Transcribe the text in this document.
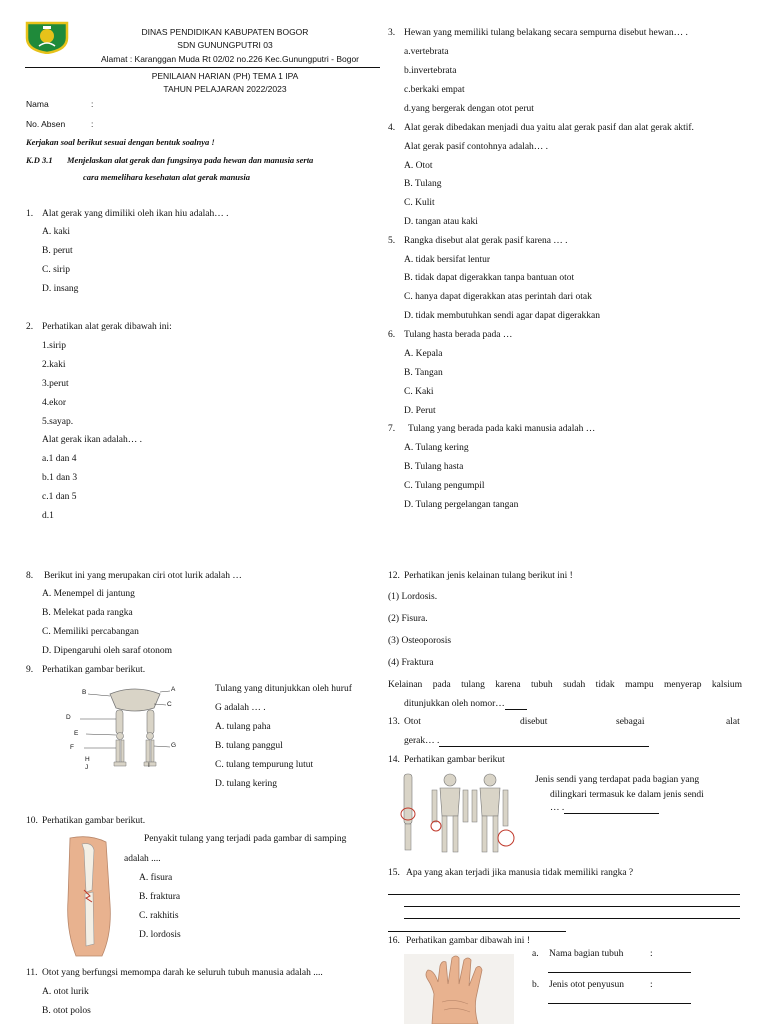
DINAS PENDIDIKAN KABUPATEN BOGOR
SDN GUNUNGPUTRI 03
Alamat : Karanggan Muda Rt 02/02 no.226 Kec.Gunungputri - Bogor
PENILAIAN HARIAN (PH) TEMA 1 IPA
TAHUN PELAJARAN 2022/2023
Nama	:
No. Absen	:
Kerjakan soal berikut sesuai dengan bentuk soalnya !
K.D 3.1 Menjelaskan alat gerak dan fungsinya pada hewan dan manusia serta
cara memelihara kesehatan alat gerak manusia
1. Alat gerak yang dimiliki oleh ikan hiu adalah… .
A. kaki
B. perut
C. sirip
D. insang
2. Perhatikan alat gerak dibawah ini:
1.sirip
2.kaki
3.perut
4.ekor
5.sayap.
Alat gerak ikan adalah… .
a.1 dan 4
b.1 dan 3
c.1 dan 5
d.1
8. Berikut ini yang merupakan ciri otot lurik adalah …
A. Menempel di jantung
B. Melekat pada rangka
C. Memiliki percabangan
D. Dipengaruhi oleh saraf otonom
9. Perhatikan gambar berikut.
B	A
C
D
E
F	G
H
I
J
Tulang yang ditunjukkan oleh huruf
G adalah … .
A. tulang paha
B. tulang panggul
C. tulang tempurung lutut
D. tulang kering
10. Perhatikan gambar berikut.
Penyakit tulang yang terjadi pada gambar di samping
adalah ....
A. fisura
B. fraktura
C. rakhitis
D. lordosis
11. Otot yang berfungsi memompa darah ke seluruh tubuh manusia adalah ....
A. otot lurik
B. otot polos
3. Hewan yang memiliki tulang belakang secara sempurna disebut hewan… .
a.vertebrata
b.invertebrata
c.berkaki empat
d.yang bergerak dengan otot perut
4. Alat gerak dibedakan menjadi dua yaitu alat gerak pasif dan alat gerak aktif.
Alat gerak pasif contohnya adalah… .
A. Otot
B. Tulang
C. Kulit
D. tangan atau kaki
5. Rangka disebut alat gerak pasif karena … .
A. tidak bersifat lentur
B. tidak dapat digerakkan tanpa bantuan otot
C. hanya dapat digerakkan atas perintah dari otak
D. tidak membutuhkan sendi agar dapat digerakkan
6. Tulang hasta berada pada …
A. Kepala
B. Tangan
C. Kaki
D. Perut
7. Tulang yang berada pada kaki manusia adalah …
A. Tulang kering
B. Tulang hasta
C. Tulang pengumpil
D. Tulang pergelangan tangan
12. Perhatikan jenis kelainan tulang berikut ini !
(1) Lordosis.
(2) Fisura.
(3) Osteoporosis
(4) Fraktura
Kelainan pada tulang karena tubuh sudah tidak mampu menyerap kalsium
ditunjukkan oleh nomor…
13. Otot	disebut	sebagai	alat
gerak… .
14. Perhatikan gambar berikut
Jenis sendi yang terdapat pada bagian yang
dilingkari termasuk ke dalam jenis sendi
… .
15. Apa yang akan terjadi jika manusia tidak memiliki rangka ?
16. Perhatikan gambar dibawah ini !
a. Nama bagian tubuh	:
b. Jenis otot penyusun	:
